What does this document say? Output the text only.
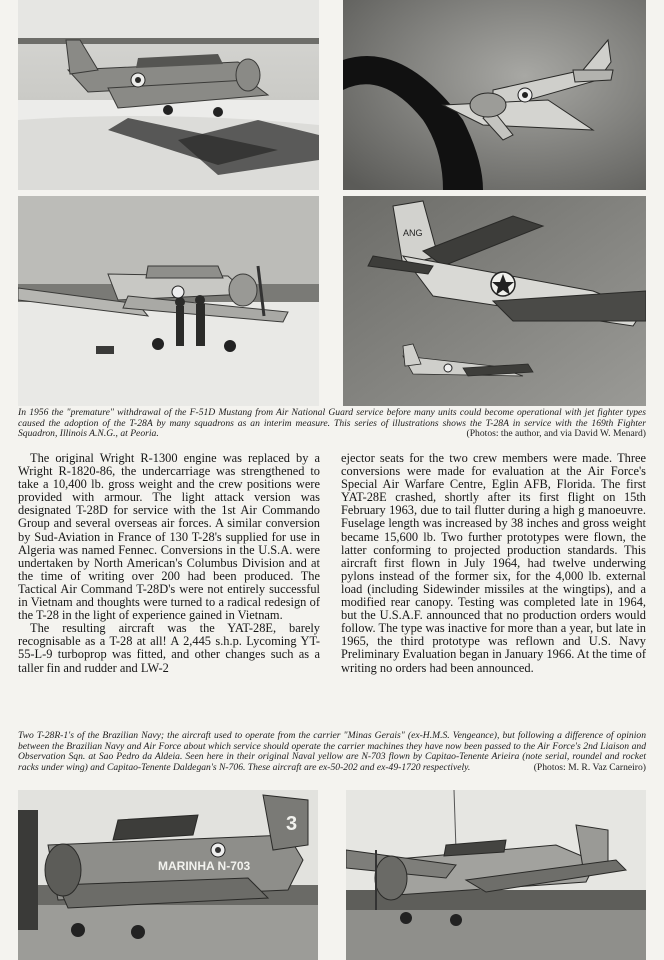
ANG
In 1956 the "premature" withdrawal of the F-51D Mustang from Air National Guard service before many units could become operational with jet fighter types caused the adoption of the T-28A by many squadrons as an interim measure. This series of illustrations shows the T-28A in service with the 169th Fighter Squadron, Illinois A.N.G., at Peoria.	(Photos: the author, and via David W. Menard)

The original Wright R-1300 engine was replaced by a Wright R-1820-86, the undercarriage was strengthened to take a 10,400 lb. gross weight and the crew positions were provided with armour. The light attack version was designated T-28D for service with the 1st Air Commando Group and several overseas air forces. A similar conversion by Sud-Aviation in France of 130 T-28's supplied for use in Algeria was named Fennec. Conversions in the U.S.A. were undertaken by North American's Columbus Division and at the time of writing over 200 had been produced. The Tactical Air Command T-28D's were not entirely successful in Vietnam and thoughts were turned to a radical redesign of the T-28 in the light of experience gained in Vietnam.

The resulting aircraft was the YAT-28E, barely recognisable as a T-28 at all! A 2,445 s.h.p. Lycoming YT-55-L-9 turboprop was fitted, and other changes such as a taller fin and rudder and LW-2

ejector seats for the two crew members were made. Three conversions were made for evaluation at the Air Force's Special Air Warfare Centre, Eglin AFB, Florida. The first YAT-28E crashed, shortly after its first flight on 15th February 1963, due to tail flutter during a high g manoeuvre. Fuselage length was increased by 38 inches and gross weight became 15,600 lb. Two further prototypes were flown, the latter conforming to projected production standards. This aircraft first flown in July 1964, had twelve underwing pylons instead of the former six, for the 4,000 lb. external load (including Sidewinder missiles at the wingtips), and a modified rear canopy. Testing was completed late in 1964, but the U.S.A.F. announced that no production orders would follow. The type was inactive for more than a year, but late in 1965, the third prototype was reflown and U.S. Navy Preliminary Evaluation began in January 1966. At the time of writing no orders had been announced.

Two T-28R-1's of the Brazilian Navy; the aircraft used to operate from the carrier "Minas Gerais" (ex-H.M.S. Vengeance), but following a difference of opinion between the Brazilian Navy and Air Force about which service should operate the carrier machines they have now been passed to the Air Force's 2nd Liaison and Observation Sqn. at Sao Pedro da Aldeia. Seen here in their original Naval yellow are N-703 flown by Capitao-Tenente Arieira (note serial, roundel and rocket racks under wing) and Capitao-Tenente Daldegan's N-706. These aircraft are ex-50-202 and ex-49-1720 respectively.	(Photos: M. R. Vaz Carneiro)
3
MARINHA N-703
